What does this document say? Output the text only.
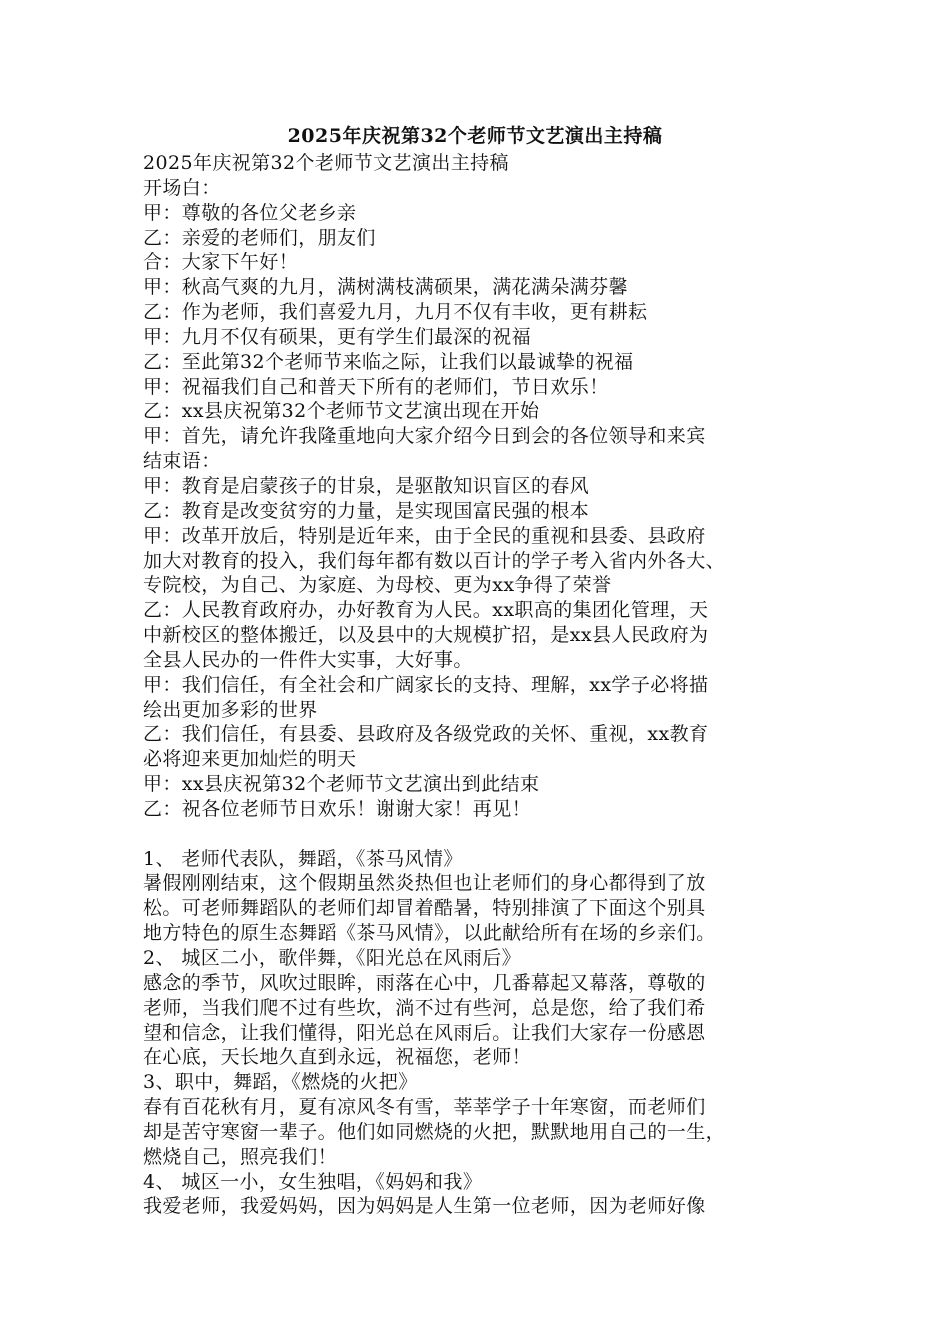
2025年庆祝第32个老师节文艺演出主持稿

2025年庆祝第32个老师节文艺演出主持稿

开场白：

甲：尊敬的各位父老乡亲

乙：亲爱的老师们，朋友们

合：大家下午好！

甲：秋高气爽的九月，满树满枝满硕果，满花满朵满芬馨

乙：作为老师，我们喜爱九月，九月不仅有丰收，更有耕耘

甲：九月不仅有硕果，更有学生们最深的祝福

乙：至此第32个老师节来临之际，让我们以最诚挚的祝福

甲：祝福我们自己和普天下所有的老师们，节日欢乐！

乙：xx县庆祝第32个老师节文艺演出现在开始

甲：首先，请允许我隆重地向大家介绍今日到会的各位领导和来宾

结束语：

甲：教育是启蒙孩子的甘泉，是驱散知识盲区的春风

乙：教育是改变贫穷的力量，是实现国富民强的根本

甲：改革开放后，特别是近年来，由于全民的重视和县委、县政府

加大对教育的投入，我们每年都有数以百计的学子考入省内外各大、

专院校，为自己、为家庭、为母校、更为xx争得了荣誉

乙：人民教育政府办，办好教育为人民。xx职高的集团化管理，天

中新校区的整体搬迁，以及县中的大规模扩招，是xx县人民政府为

全县人民办的一件件大实事，大好事。

甲：我们信任，有全社会和广阔家长的支持、理解，xx学子必将描

绘出更加多彩的世界

乙：我们信任，有县委、县政府及各级党政的关怀、重视，xx教育

必将迎来更加灿烂的明天

甲：xx县庆祝第32个老师节文艺演出到此结束

乙：祝各位老师节日欢乐！谢谢大家！再见！

1、 老师代表队，舞蹈，《茶马风情》

暑假刚刚结束，这个假期虽然炎热但也让老师们的身心都得到了放

松。可老师舞蹈队的老师们却冒着酷暑，特别排演了下面这个别具

地方特色的原生态舞蹈《茶马风情》，以此献给所有在场的乡亲们。

2、 城区二小，歌伴舞，《阳光总在风雨后》

感念的季节，风吹过眼眸，雨落在心中，几番幕起又幕落，尊敬的

老师，当我们爬不过有些坎，淌不过有些河，总是您，给了我们希

望和信念，让我们懂得，阳光总在风雨后。让我们大家存一份感恩

在心底，天长地久直到永远，祝福您，老师！

3、职中，舞蹈，《燃烧的火把》

春有百花秋有月，夏有凉风冬有雪，莘莘学子十年寒窗，而老师们

却是苦守寒窗一辈子。他们如同燃烧的火把，默默地用自己的一生，

燃烧自己，照亮我们！

4、 城区一小，女生独唱，《妈妈和我》

我爱老师，我爱妈妈，因为妈妈是人生第一位老师，因为老师好像
